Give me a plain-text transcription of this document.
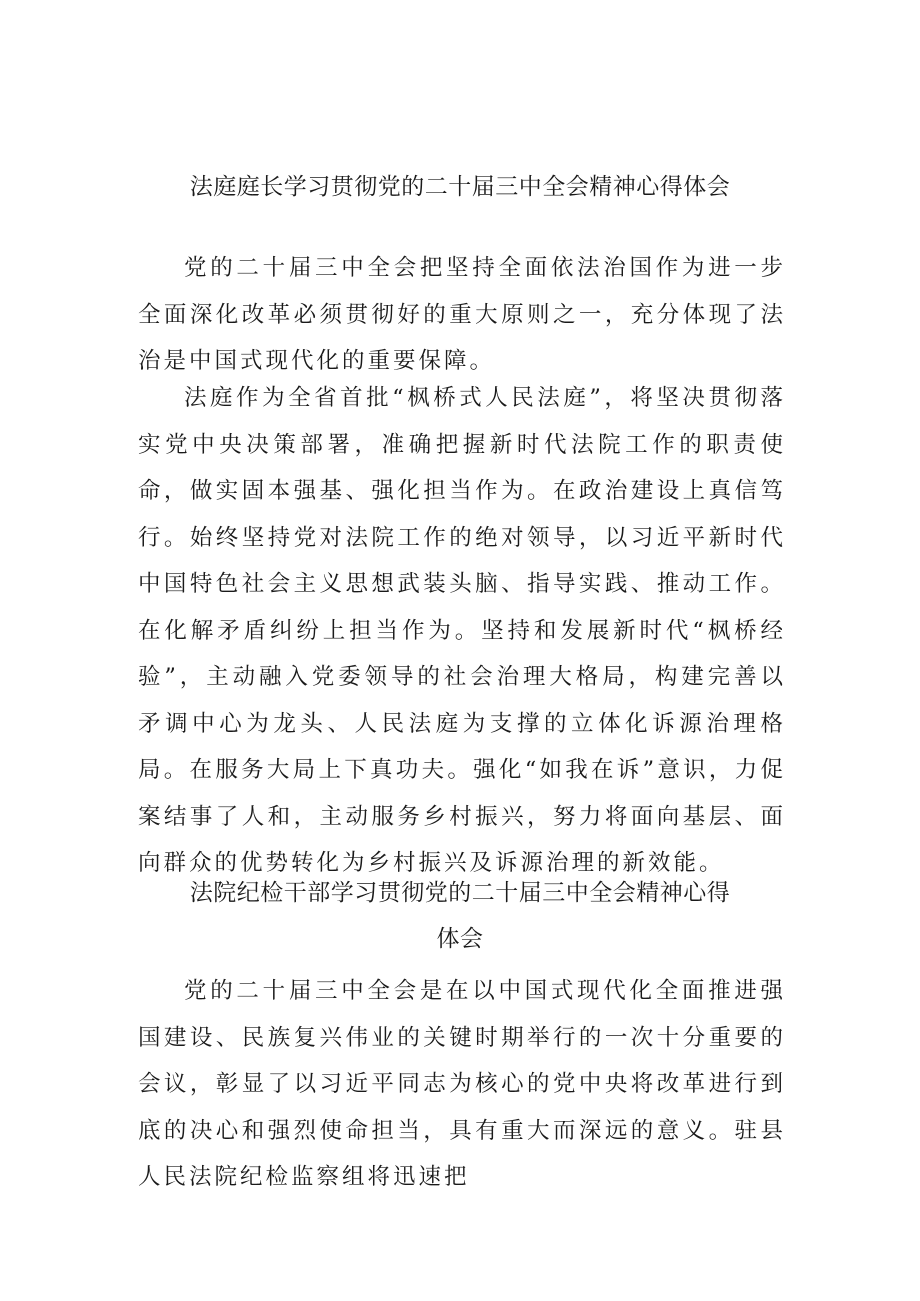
法庭庭长学习贯彻党的二十届三中全会精神心得体会

党的二十届三中全会把坚持全面依法治国作为进一步全面深化改革必须贯彻好的重大原则之一，充分体现了法治是中国式现代化的重要保障。

法庭作为全省首批“枫桥式人民法庭”，将坚决贯彻落实党中央决策部署，准确把握新时代法院工作的职责使命，做实固本强基、强化担当作为。在政治建设上真信笃行。始终坚持党对法院工作的绝对领导，以习近平新时代中国特色社会主义思想武装头脑、指导实践、推动工作。在化解矛盾纠纷上担当作为。坚持和发展新时代“枫桥经验”，主动融入党委领导的社会治理大格局，构建完善以矛调中心为龙头、人民法庭为支撑的立体化诉源治理格局。在服务大局上下真功夫。强化“如我在诉”意识，力促案结事了人和，主动服务乡村振兴，努力将面向基层、面向群众的优势转化为乡村振兴及诉源治理的新效能。

法院纪检干部学习贯彻党的二十届三中全会精神心得
体会

党的二十届三中全会是在以中国式现代化全面推进强国建设、民族复兴伟业的关键时期举行的一次十分重要的会议，彰显了以习近平同志为核心的党中央将改革进行到底的决心和强烈使命担当，具有重大而深远的意义。驻县人民法院纪检监察组将迅速把
